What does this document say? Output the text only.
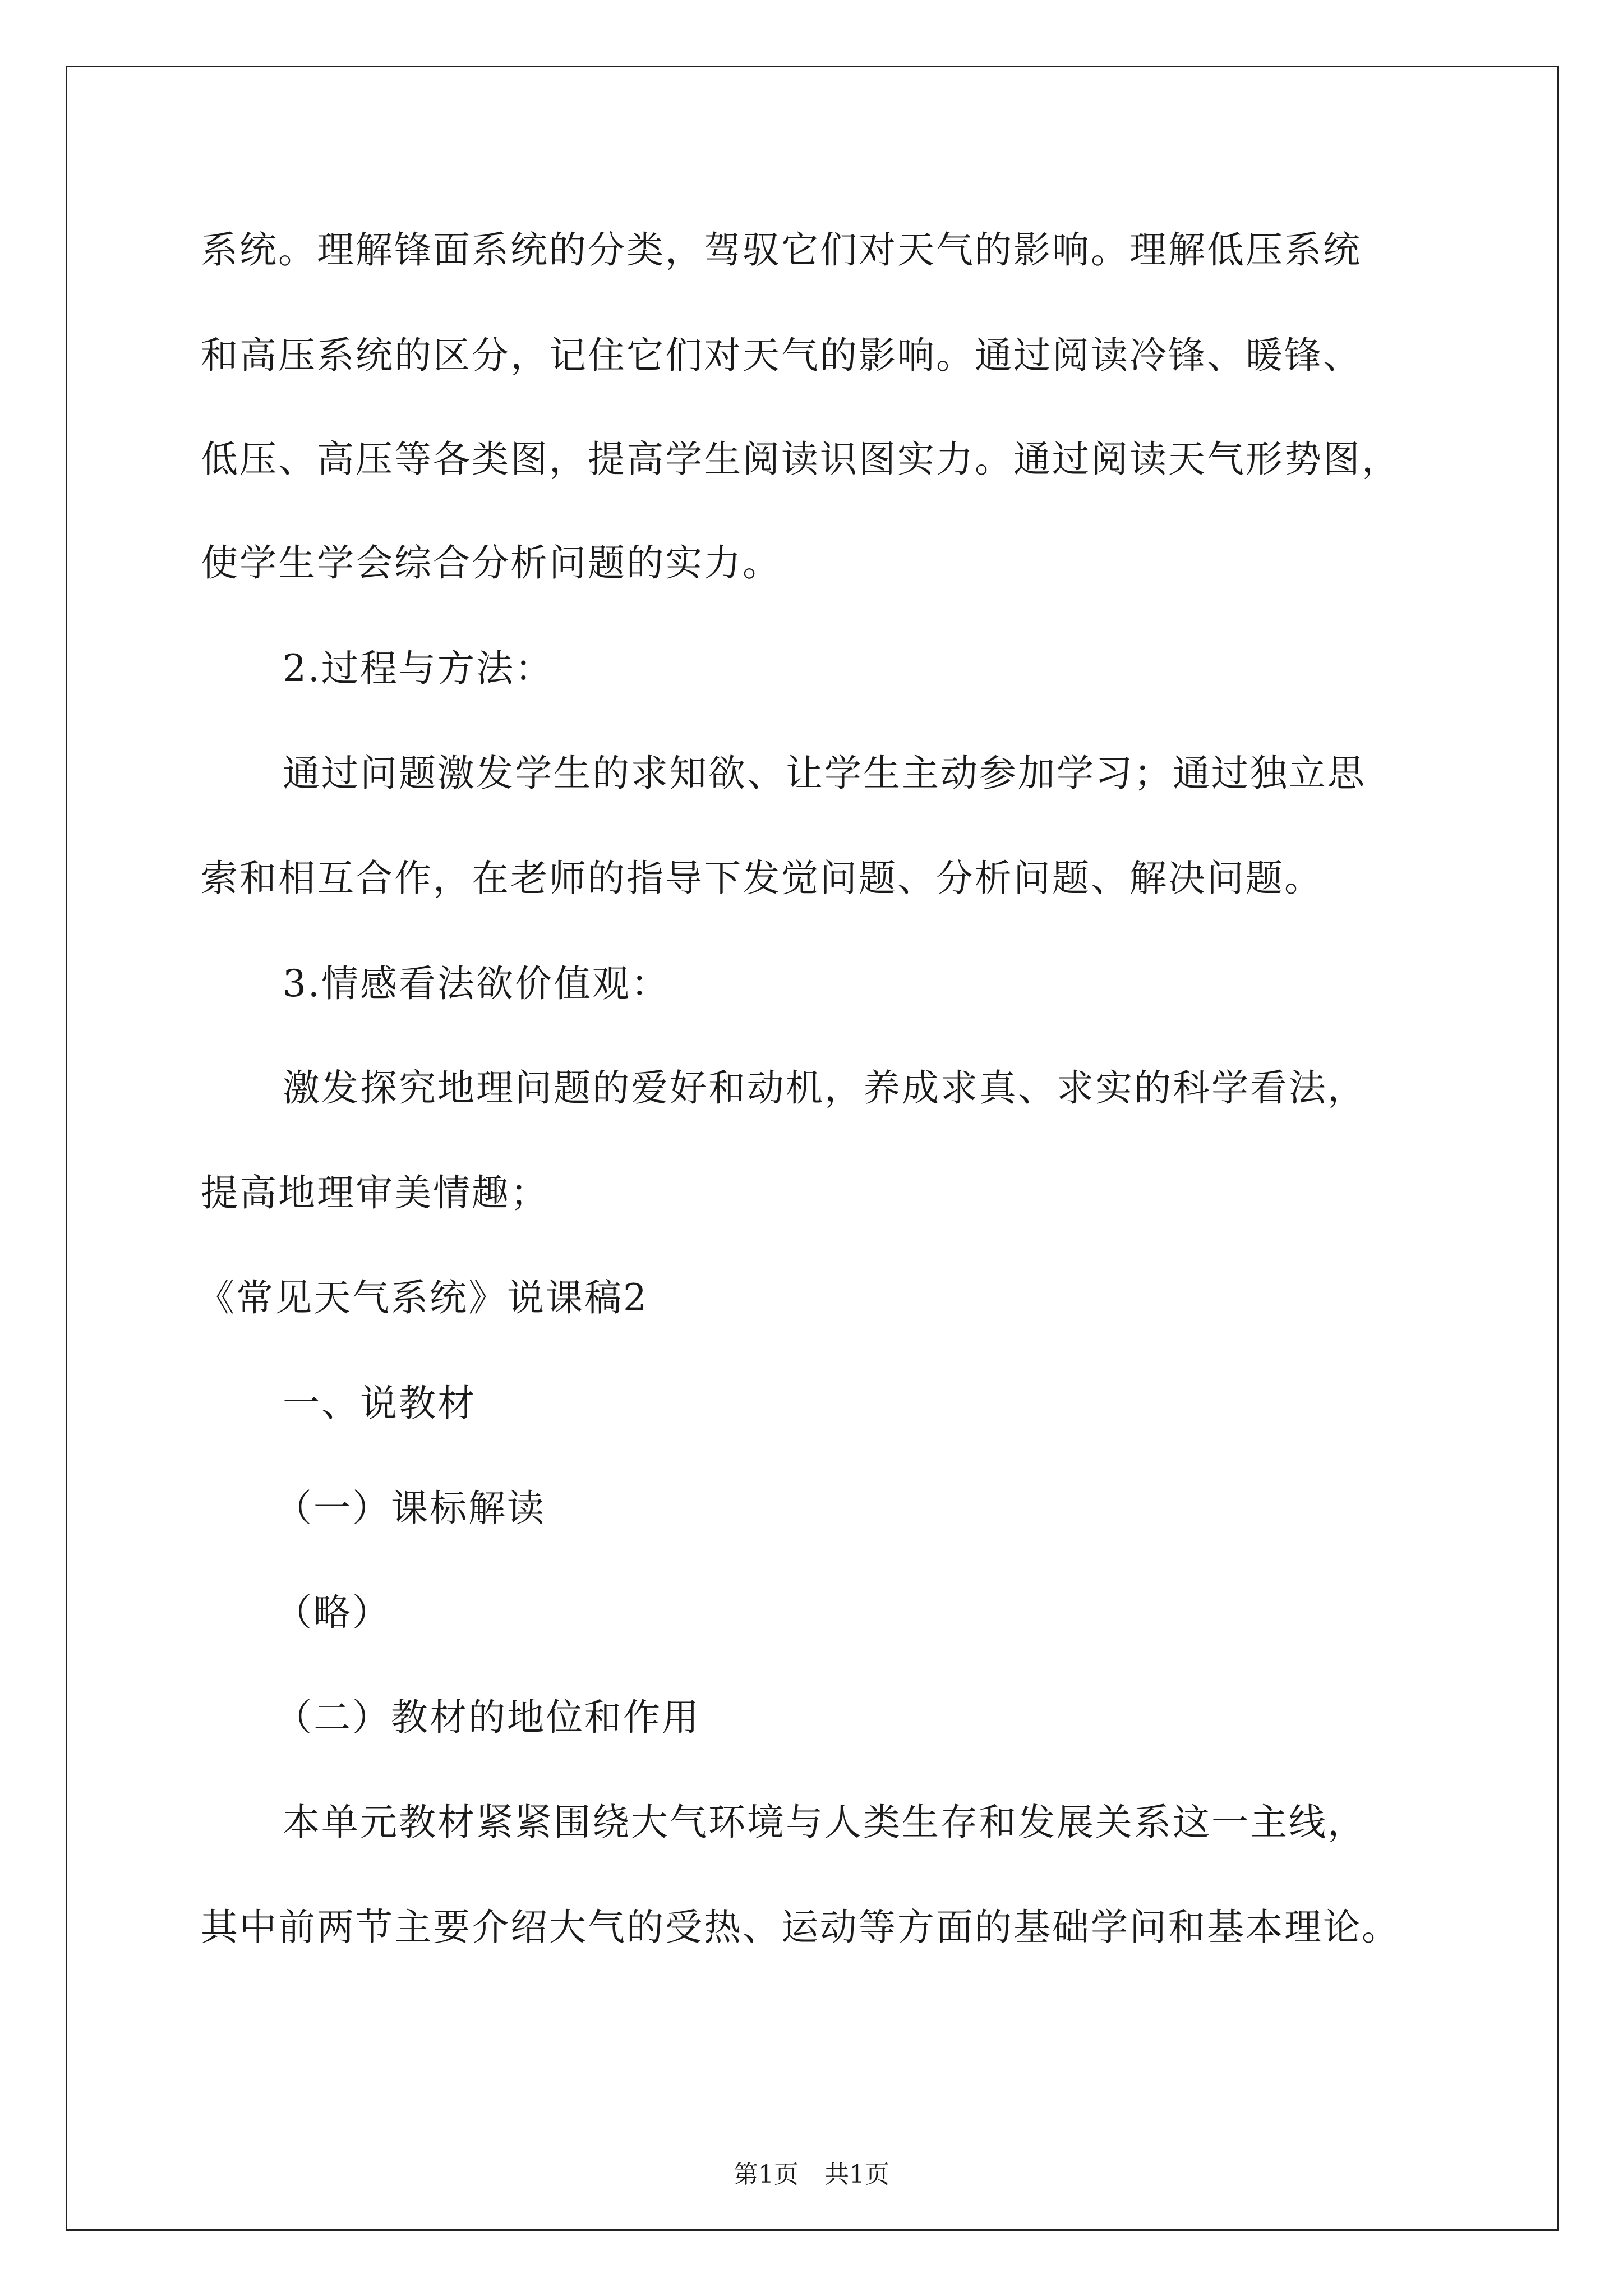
系统。理解锋面系统的分类，驾驭它们对天气的影响。理解低压系统
和高压系统的区分，记住它们对天气的影响。通过阅读冷锋、暖锋、
低压、高压等各类图，提高学生阅读识图实力。通过阅读天气形势图，
使学生学会综合分析问题的实力。
2.过程与方法：
通过问题激发学生的求知欲、让学生主动参加学习；通过独立思
索和相互合作，在老师的指导下发觉问题、分析问题、解决问题。
3.情感看法欲价值观：
激发探究地理问题的爱好和动机，养成求真、求实的科学看法，
提高地理审美情趣；
《常见天气系统》说课稿2
一、说教材
（一）课标解读
（略）
（二）教材的地位和作用
本单元教材紧紧围绕大气环境与人类生存和发展关系这一主线，
其中前两节主要介绍大气的受热、运动等方面的基础学问和基本理论。
第1页 共1页
